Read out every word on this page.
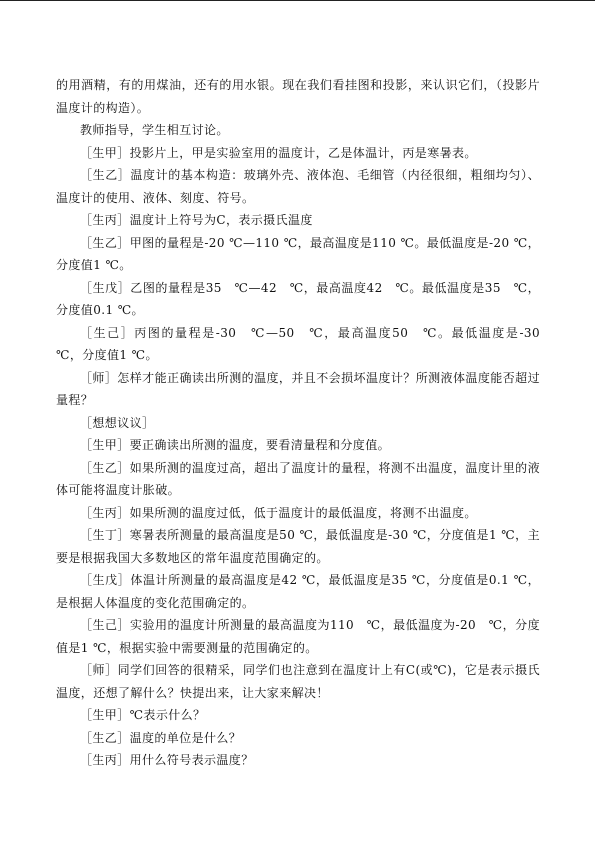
的用酒精，有的用煤油，还有的用水银。现在我们看挂图和投影，来认识它们，（投影片温度计的构造）。

教师指导，学生相互讨论。

［生甲］投影片上，甲是实验室用的温度计，乙是体温计，丙是寒暑表。

［生乙］温度计的基本构造：玻璃外壳、液体泡、毛细管（内径很细，粗细均匀）、温度计的使用、液体、刻度、符号。

［生丙］温度计上符号为C，表示摄氏温度

［生乙］甲图的量程是-20 ℃—110 ℃，最高温度是110 ℃。最低温度是-20 ℃，分度值1 ℃。

［生戊］乙图的量程是35　℃—42　℃，最高温度42　℃。最低温度是35　℃，分度值0.1 ℃。

［生己］丙图的量程是-30　℃—50　℃，最高温度50　℃。最低温度是-30　℃，分度值1 ℃。

［师］怎样才能正确读出所测的温度，并且不会损坏温度计？所测液体温度能否超过量程？

［想想议议］

［生甲］要正确读出所测的温度，要看清量程和分度值。

［生乙］如果所测的温度过高，超出了温度计的量程，将测不出温度，温度计里的液体可能将温度计胀破。

［生丙］如果所测的温度过低，低于温度计的最低温度，将测不出温度。

［生丁］寒暑表所测量的最高温度是50 ℃，最低温度是-30 ℃，分度值是1 ℃，主要是根据我国大多数地区的常年温度范围确定的。

［生戊］体温计所测量的最高温度是42 ℃，最低温度是35 ℃，分度值是0.1 ℃，是根据人体温度的变化范围确定的。

［生己］实验用的温度计所测量的最高温度为110　℃，最低温度为-20　℃，分度值是1 ℃，根据实验中需要测量的范围确定的。

［师］同学们回答的很精采，同学们也注意到在温度计上有C(或℃)，它是表示摄氏温度，还想了解什么？快提出来，让大家来解决！

［生甲］℃表示什么？

［生乙］温度的单位是什么？

［生丙］用什么符号表示温度？
